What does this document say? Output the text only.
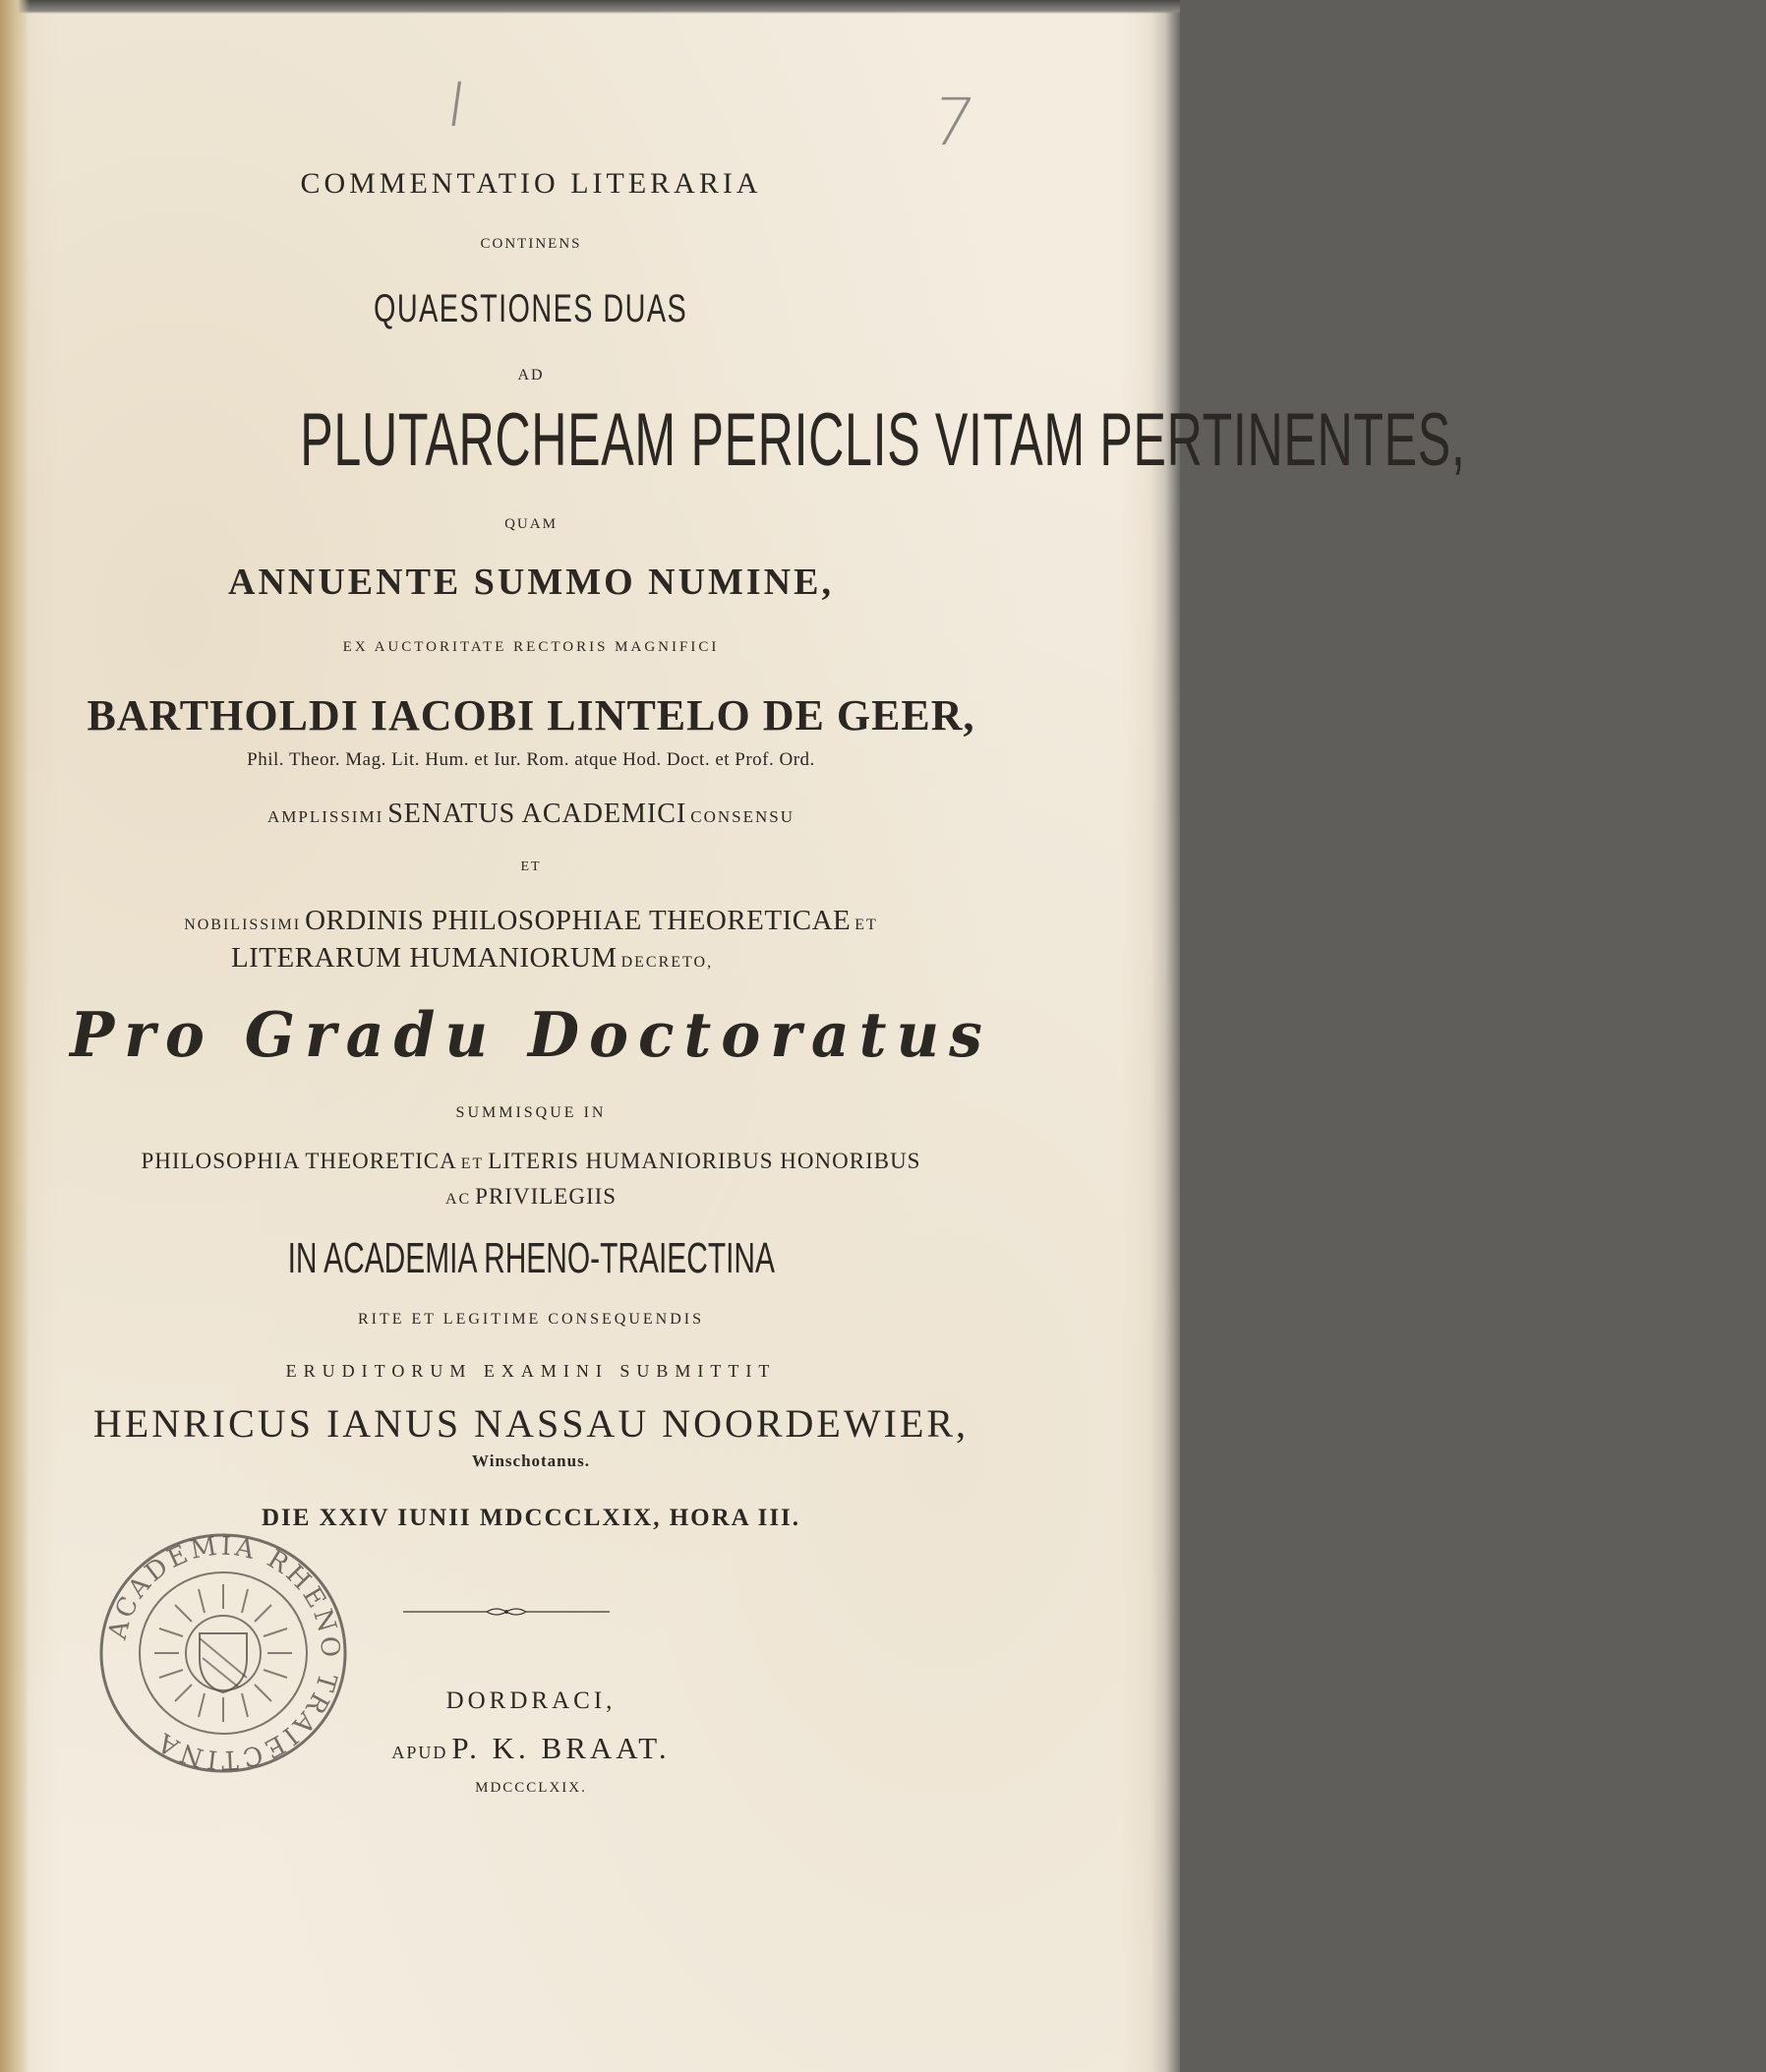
I	7
COMMENTATIO LITERARIA
CONTINENS
QUAESTIONES DUAS
AD
PLUTARCHEAM PERICLIS VITAM PERTINENTES,
QUAM
ANNUENTE SUMMO NUMINE,
EX AUCTORITATE RECTORIS MAGNIFICI
BARTHOLDI IACOBI LINTELO DE GEER,
Phil. Theor. Mag. Lit. Hum. et Iur. Rom. atque Hod. Doct. et Prof. Ord.
AMPLISSIMI SENATUS ACADEMICI CONSENSU
ET
NOBILISSIMI ORDINIS PHILOSOPHIAE THEORETICAE ET
LITERARUM HUMANIORUM DECRETO,
Pro Gradu Doctoratus
SUMMISQUE IN
PHILOSOPHIA THEORETICA ET LITERIS HUMANIORIBUS HONORIBUS
AC PRIVILEGIIS
IN ACADEMIA RHENO-TRAIECTINA
RITE ET LEGITIME CONSEQUENDIS
ERUDITORUM EXAMINI SUBMITTIT
HENRICUS IANUS NASSAU NOORDEWIER,
Winschotanus.
DIE XXIV IUNII MDCCCLXIX, HORA III.
ACADEMIA RHENO TRAIECTINA
DORDRACI,
APUD P. K. BRAAT.
MDCCCLXIX.
